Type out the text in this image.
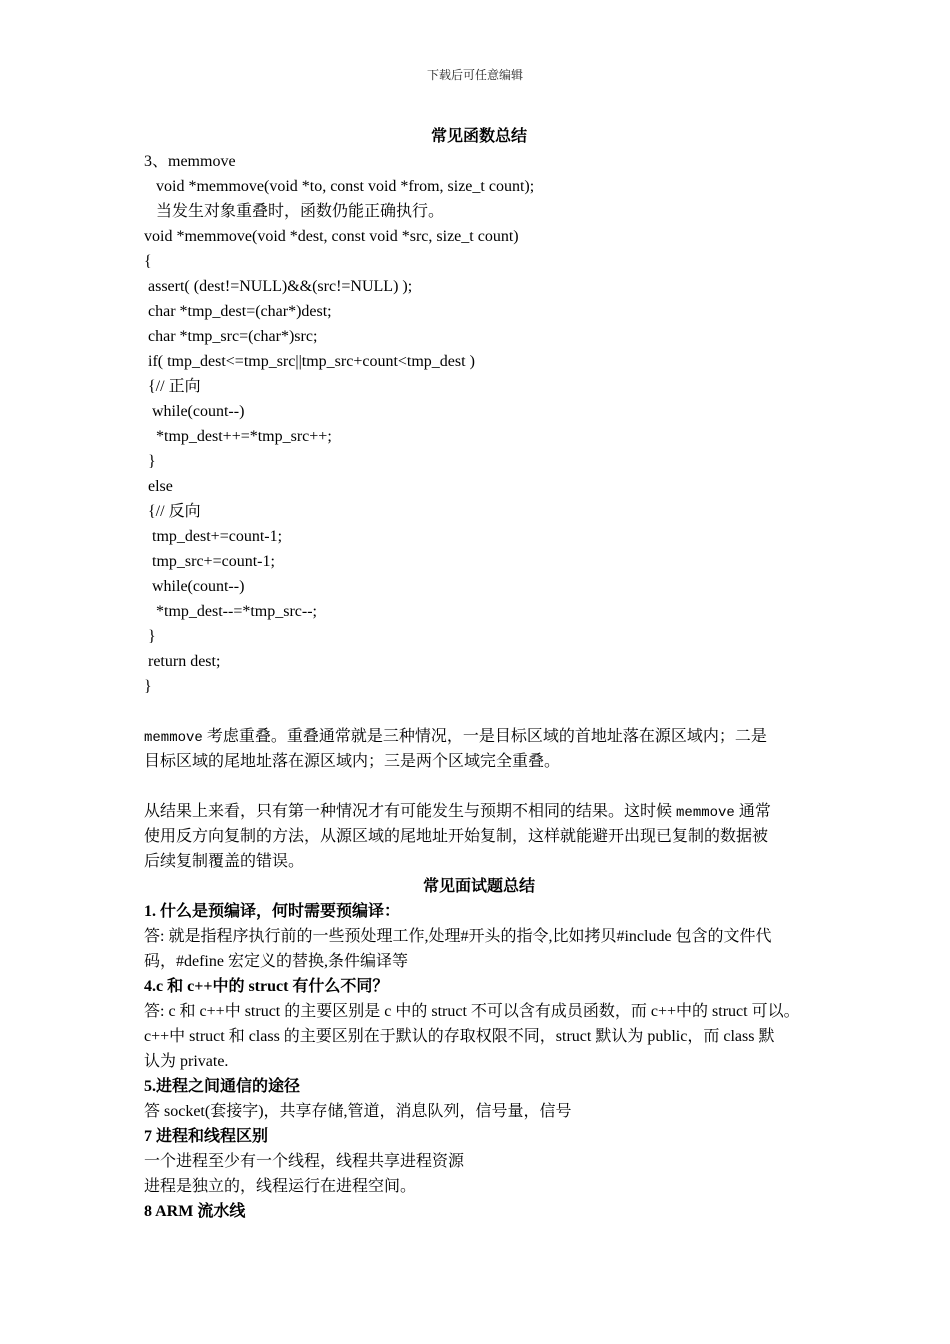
下载后可任意编辑
常见函数总结
3、memmove
void *memmove(void *to, const void *from, size_t count);
当发生对象重叠时，函数仍能正确执行。
void *memmove(void *dest, const void *src, size_t count)
{
assert( (dest!=NULL)&&(src!=NULL) );
char *tmp_dest=(char*)dest;
char *tmp_src=(char*)src;
if( tmp_dest<=tmp_src||tmp_src+count<tmp_dest )
{// 正向
while(count--)
*tmp_dest++=*tmp_src++;
}
else
{// 反向
tmp_dest+=count-1;
tmp_src+=count-1;
while(count--)
*tmp_dest--=*tmp_src--;
}
return dest;
}
memmove 考虑重叠。重叠通常就是三种情况，一是目标区域的首地址落在源区域内；二是
目标区域的尾地址落在源区域内；三是两个区域完全重叠。
从结果上来看，只有第一种情况才有可能发生与预期不相同的结果。这时候 memmove 通常
使用反方向复制的方法，从源区域的尾地址开始复制，这样就能避开出现已复制的数据被
后续复制覆盖的错误。
常见面试题总结
1. 什么是预编译，何时需要预编译：
答: 就是指程序执行前的一些预处理工作,处理#开头的指令,比如拷贝#include 包含的文件代
码，#define 宏定义的替换,条件编译等
4.c 和 c++中的 struct 有什么不同？
答: c 和 c++中 struct 的主要区别是 c 中的 struct 不可以含有成员函数，而 c++中的 struct 可以。
c++中 struct 和 class 的主要区别在于默认的存取权限不同，struct 默认为 public，而 class 默
认为 private.
5.进程之间通信的途径
答 socket(套接字)，共享存储,管道，消息队列，信号量，信号
7 进程和线程区别
一个进程至少有一个线程，线程共享进程资源
进程是独立的，线程运行在进程空间。
8 ARM 流水线
